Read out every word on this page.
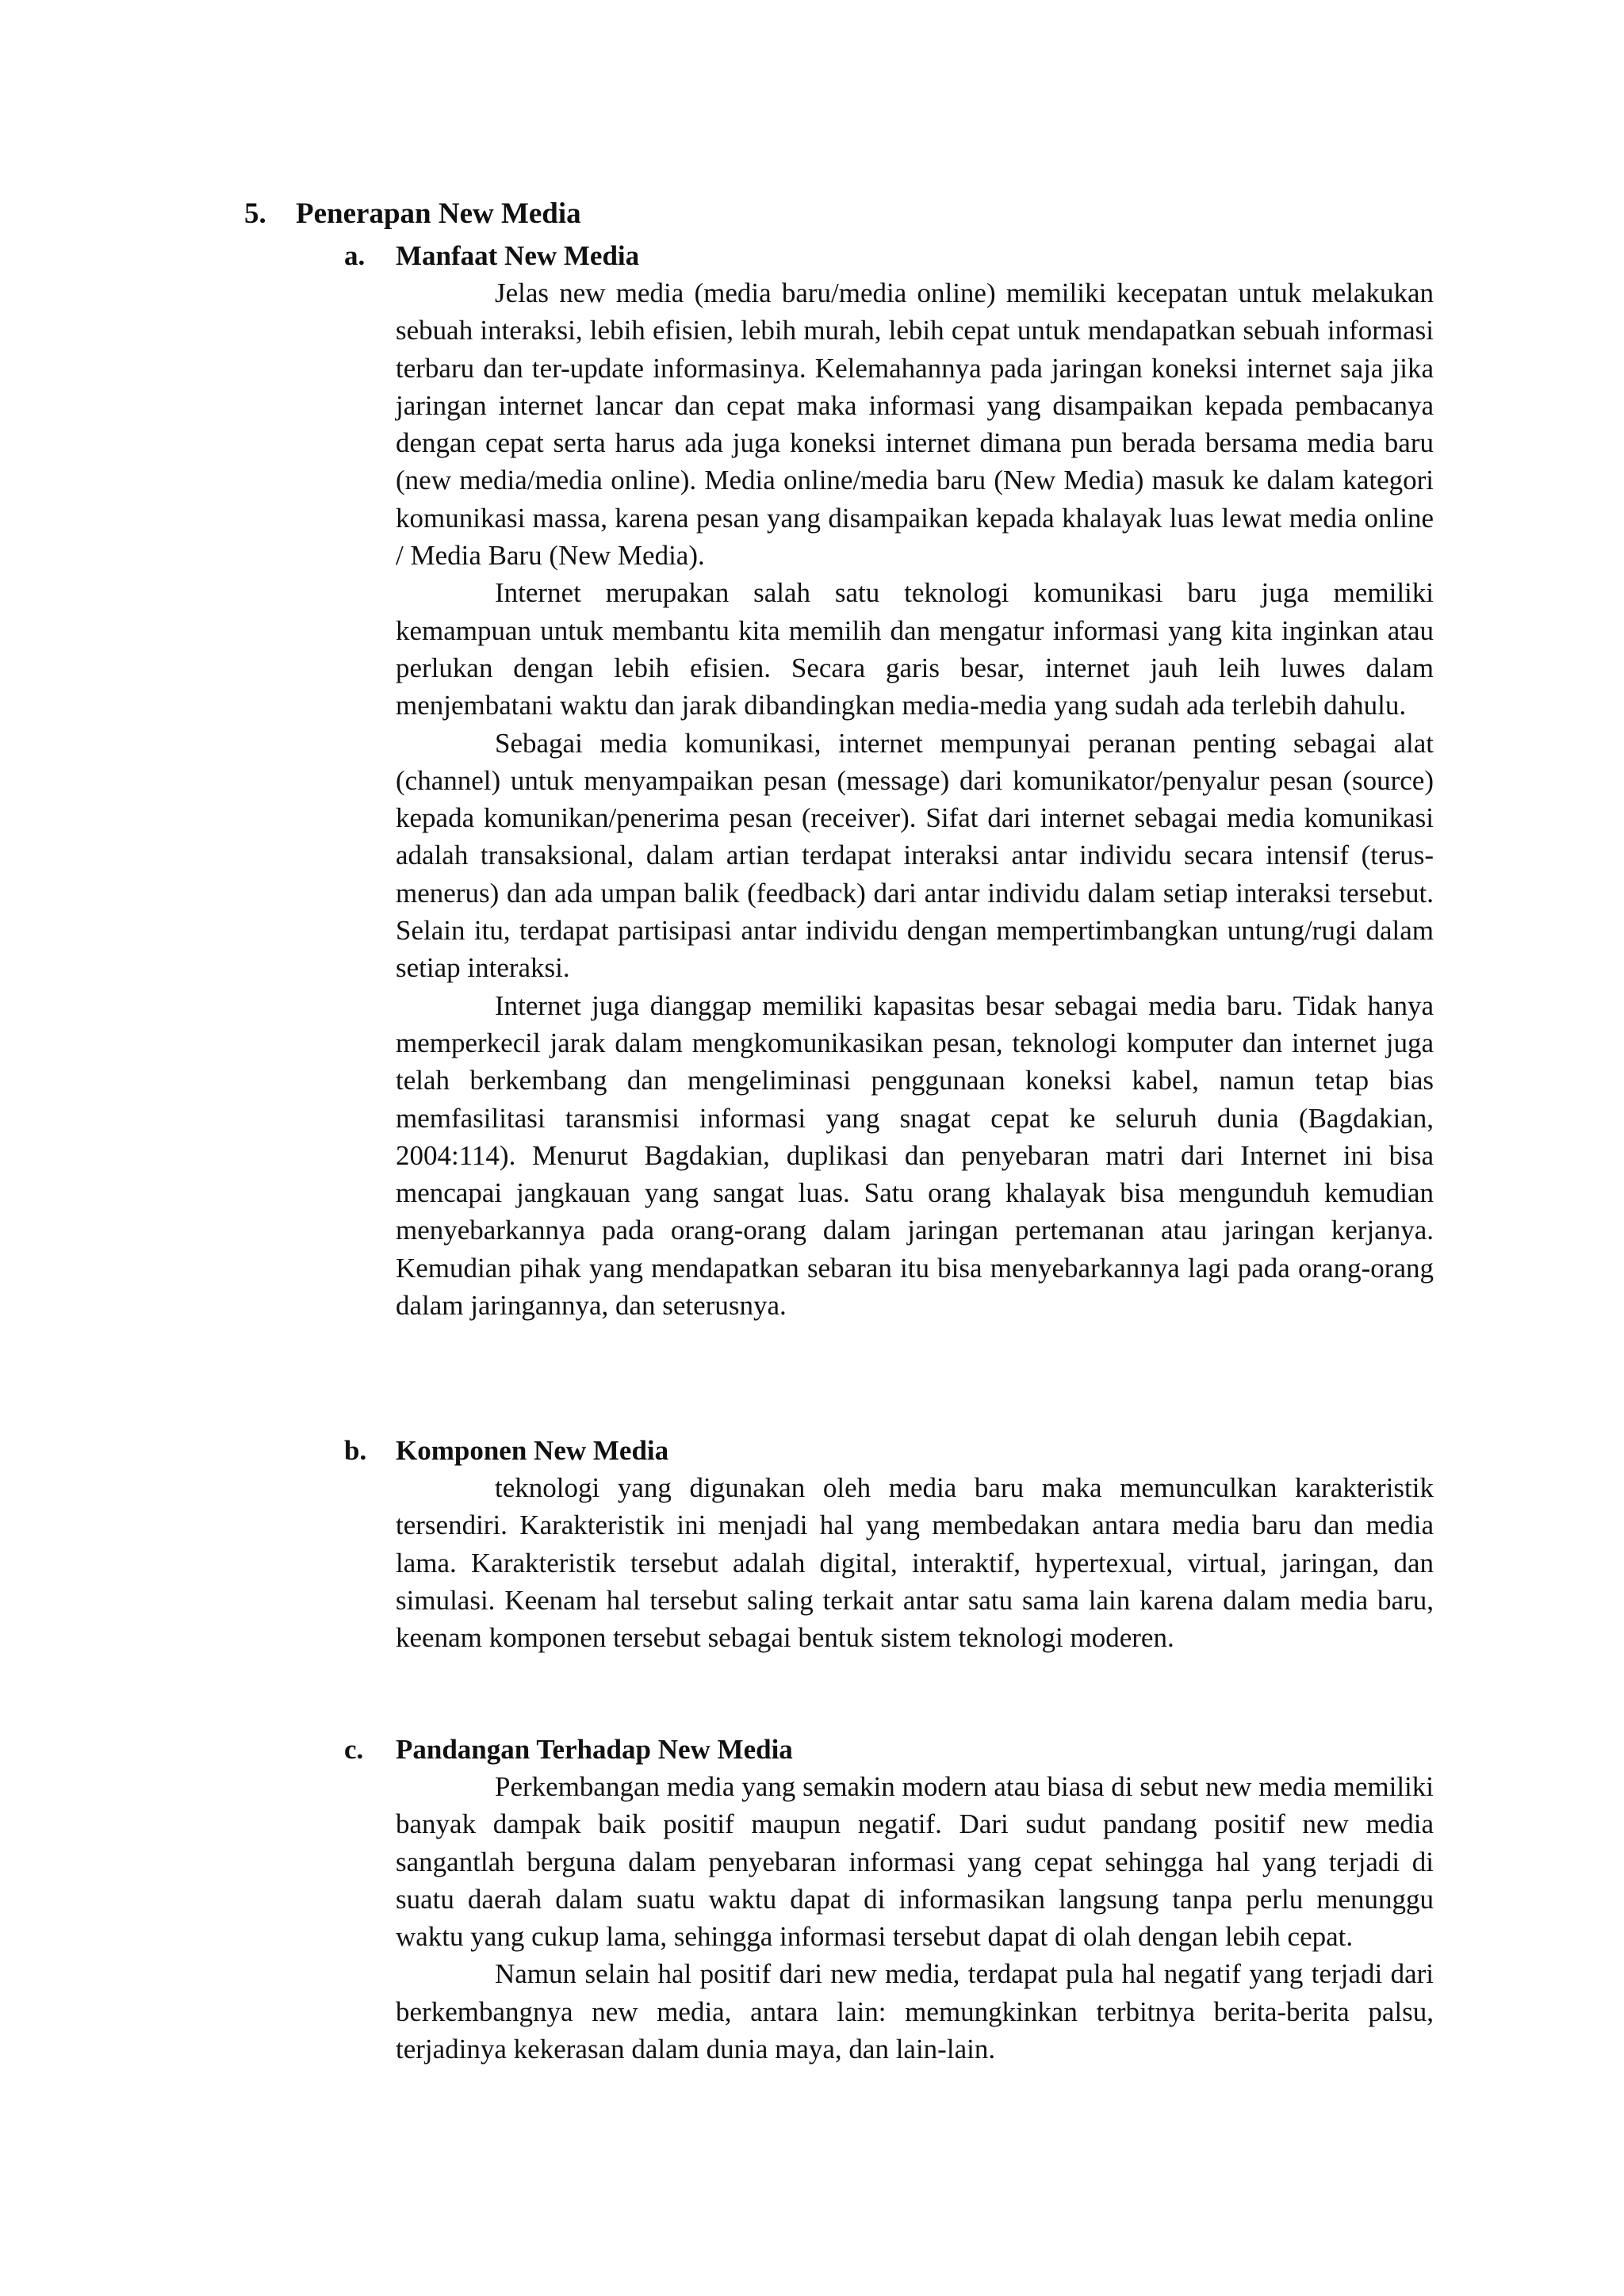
5. Penerapan New Media
a. Manfaat New Media

Jelas new media (media baru/media online) memiliki kecepatan untuk melakukan sebuah interaksi, lebih efisien, lebih murah, lebih cepat untuk mendapatkan sebuah informasi terbaru dan ter-update informasinya. Kelemahannya pada jaringan koneksi internet saja jika jaringan internet lancar dan cepat maka informasi yang disampaikan kepada pembacanya dengan cepat serta harus ada juga koneksi internet dimana pun berada bersama media baru (new media/media online). Media online/media baru (New Media) masuk ke dalam kategori komunikasi massa, karena pesan yang disampaikan kepada khalayak luas lewat media online / Media Baru (New Media).

Internet merupakan salah satu teknologi komunikasi baru juga memiliki kemampuan untuk membantu kita memilih dan mengatur informasi yang kita inginkan atau perlukan dengan lebih efisien. Secara garis besar, internet jauh leih luwes dalam menjembatani waktu dan jarak dibandingkan media-media yang sudah ada terlebih dahulu.

Sebagai media komunikasi, internet mempunyai peranan penting sebagai alat (channel) untuk menyampaikan pesan (message) dari komunikator/penyalur pesan (source) kepada komunikan/penerima pesan (receiver). Sifat dari internet sebagai media komunikasi adalah transaksional, dalam artian terdapat interaksi antar individu secara intensif (terus-menerus) dan ada umpan balik (feedback) dari antar individu dalam setiap interaksi tersebut. Selain itu, terdapat partisipasi antar individu dengan mempertimbangkan untung/rugi dalam setiap interaksi.

Internet juga dianggap memiliki kapasitas besar sebagai media baru. Tidak hanya memperkecil jarak dalam mengkomunikasikan pesan, teknologi komputer dan internet juga telah berkembang dan mengeliminasi penggunaan koneksi kabel, namun tetap bias memfasilitasi taransmisi informasi yang snagat cepat ke seluruh dunia (Bagdakian, 2004:114). Menurut Bagdakian, duplikasi dan penyebaran matri dari Internet ini bisa mencapai jangkauan yang sangat luas. Satu orang khalayak bisa mengunduh kemudian menyebarkannya pada orang-orang dalam jaringan pertemanan atau jaringan kerjanya. Kemudian pihak yang mendapatkan sebaran itu bisa menyebarkannya lagi pada orang-orang dalam jaringannya, dan seterusnya.

b. Komponen New Media

teknologi yang digunakan oleh media baru maka memunculkan karakteristik tersendiri. Karakteristik ini menjadi hal yang membedakan antara media baru dan media lama. Karakteristik tersebut adalah digital, interaktif, hypertexual, virtual, jaringan, dan simulasi. Keenam hal tersebut saling terkait antar satu sama lain karena dalam media baru, keenam komponen tersebut sebagai bentuk sistem teknologi moderen.

c. Pandangan Terhadap New Media

Perkembangan media yang semakin modern atau biasa di sebut new media memiliki banyak dampak baik positif maupun negatif. Dari sudut pandang positif new media sangantlah berguna dalam penyebaran informasi yang cepat sehingga hal yang terjadi di suatu daerah dalam suatu waktu dapat di informasikan langsung tanpa perlu menunggu waktu yang cukup lama, sehingga informasi tersebut dapat di olah dengan lebih cepat.

Namun selain hal positif dari new media, terdapat pula hal negatif yang terjadi dari berkembangnya new media, antara lain: memungkinkan terbitnya berita-berita palsu, terjadinya kekerasan dalam dunia maya, dan lain-lain.
